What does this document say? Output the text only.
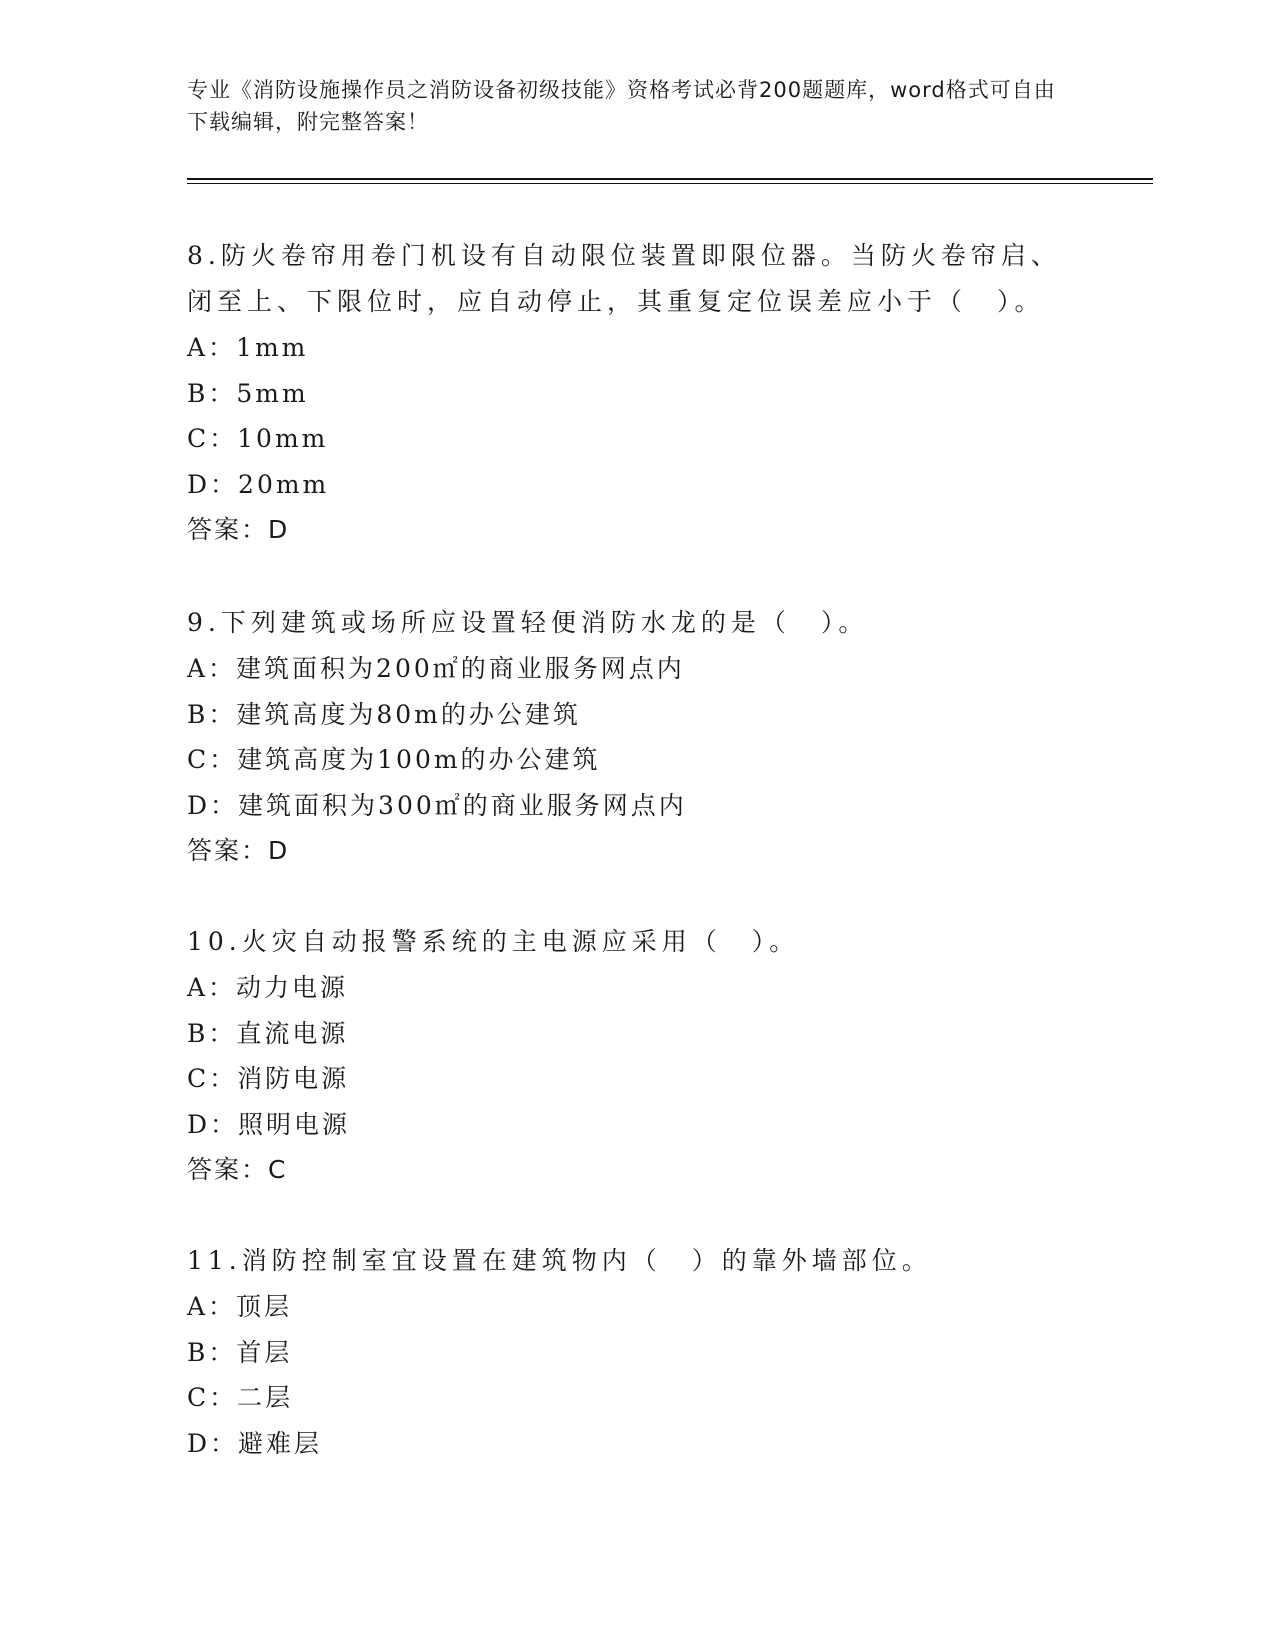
专业《消防设施操作员之消防设备初级技能》资格考试必背200题题库，word格式可自由下载编辑，附完整答案！

8.防火卷帘用卷门机设有自动限位装置即限位器。当防火卷帘启、闭至上、下限位时，应自动停止，其重复定位误差应小于（　）。

A：1mm

B：5mm

C：10mm

D：20mm

答案：D

9.下列建筑或场所应设置轻便消防水龙的是（　）。

A：建筑面积为200㎡的商业服务网点内

B：建筑高度为80m的办公建筑

C：建筑高度为100m的办公建筑

D：建筑面积为300㎡的商业服务网点内

答案：D

10.火灾自动报警系统的主电源应采用（　）。

A：动力电源

B：直流电源

C：消防电源

D：照明电源

答案：C

11.消防控制室宜设置在建筑物内（　）的靠外墙部位。

A：顶层

B：首层

C：二层

D：避难层
